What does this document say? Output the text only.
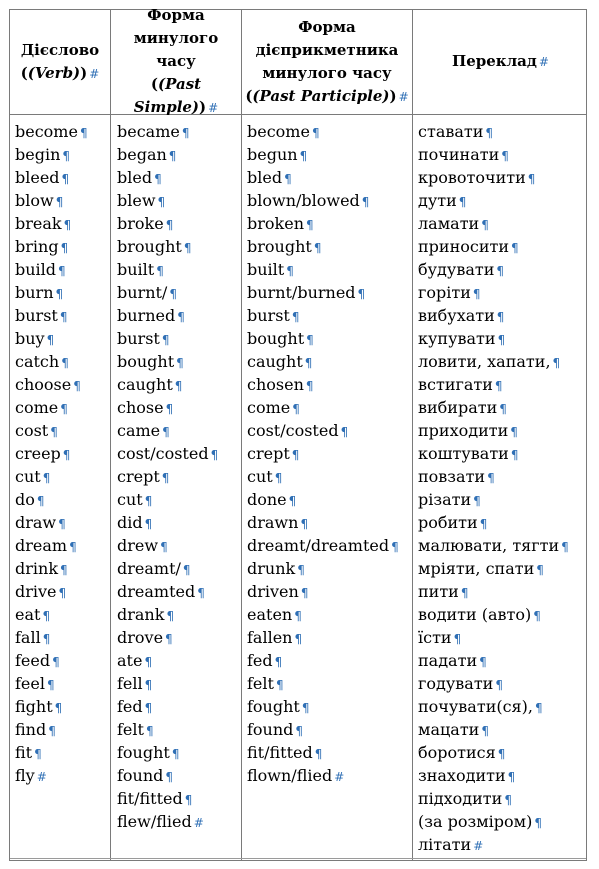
Дієслово
((Verb)) #
Форма
минулого
часу
((Past Simple)) #
Форма
дієприкметника
минулого часу
((Past Participle)) #
Переклад #
become ¶
begin ¶
bleed ¶
blow ¶
break ¶
bring ¶
build ¶
burn ¶
burst ¶
buy ¶
catch ¶
choose ¶
come ¶
cost ¶
creep ¶
cut ¶
do ¶
draw ¶
dream ¶
drink ¶
drive ¶
eat ¶
fall ¶
feed ¶
feel ¶
fight ¶
find ¶
fit ¶
fly #
became ¶
began ¶
bled ¶
blew ¶
broke ¶
brought ¶
built ¶
burnt/ ¶
burned ¶
burst ¶
bought ¶
caught ¶
chose ¶
came ¶
cost/costed ¶
crept ¶
cut ¶
did ¶
drew ¶
dreamt/ ¶
dreamted ¶
drank ¶
drove ¶
ate ¶
fell ¶
fed ¶
felt ¶
fought ¶
found ¶
fit/fitted ¶
flew/flied #
become ¶
begun ¶
bled ¶
blown/blowed ¶
broken ¶
brought ¶
built ¶
burnt/burned ¶
burst ¶
bought ¶
caught ¶
chosen ¶
come ¶
cost/costed ¶
crept ¶
cut ¶
done ¶
drawn ¶
dreamt/dreamted ¶
drunk ¶
driven ¶
eaten ¶
fallen ¶
fed ¶
felt ¶
fought ¶
found ¶
fit/fitted ¶
flown/flied #
ставати ¶
починати ¶
кровоточити ¶
дути ¶
ламати ¶
приносити ¶
будувати ¶
горіти ¶
вибухати ¶
купувати ¶
ловити, хапати, ¶
встигати ¶
вибирати ¶
приходити ¶
коштувати ¶
повзати ¶
різати ¶
робити ¶
малювати, тягти ¶
мріяти, спати ¶
пити ¶
водити (авто) ¶
їсти ¶
падати ¶
годувати ¶
почувати(ся), ¶
мацати ¶
боротися ¶
знаходити ¶
підходити ¶
(за розміром) ¶
літати #
